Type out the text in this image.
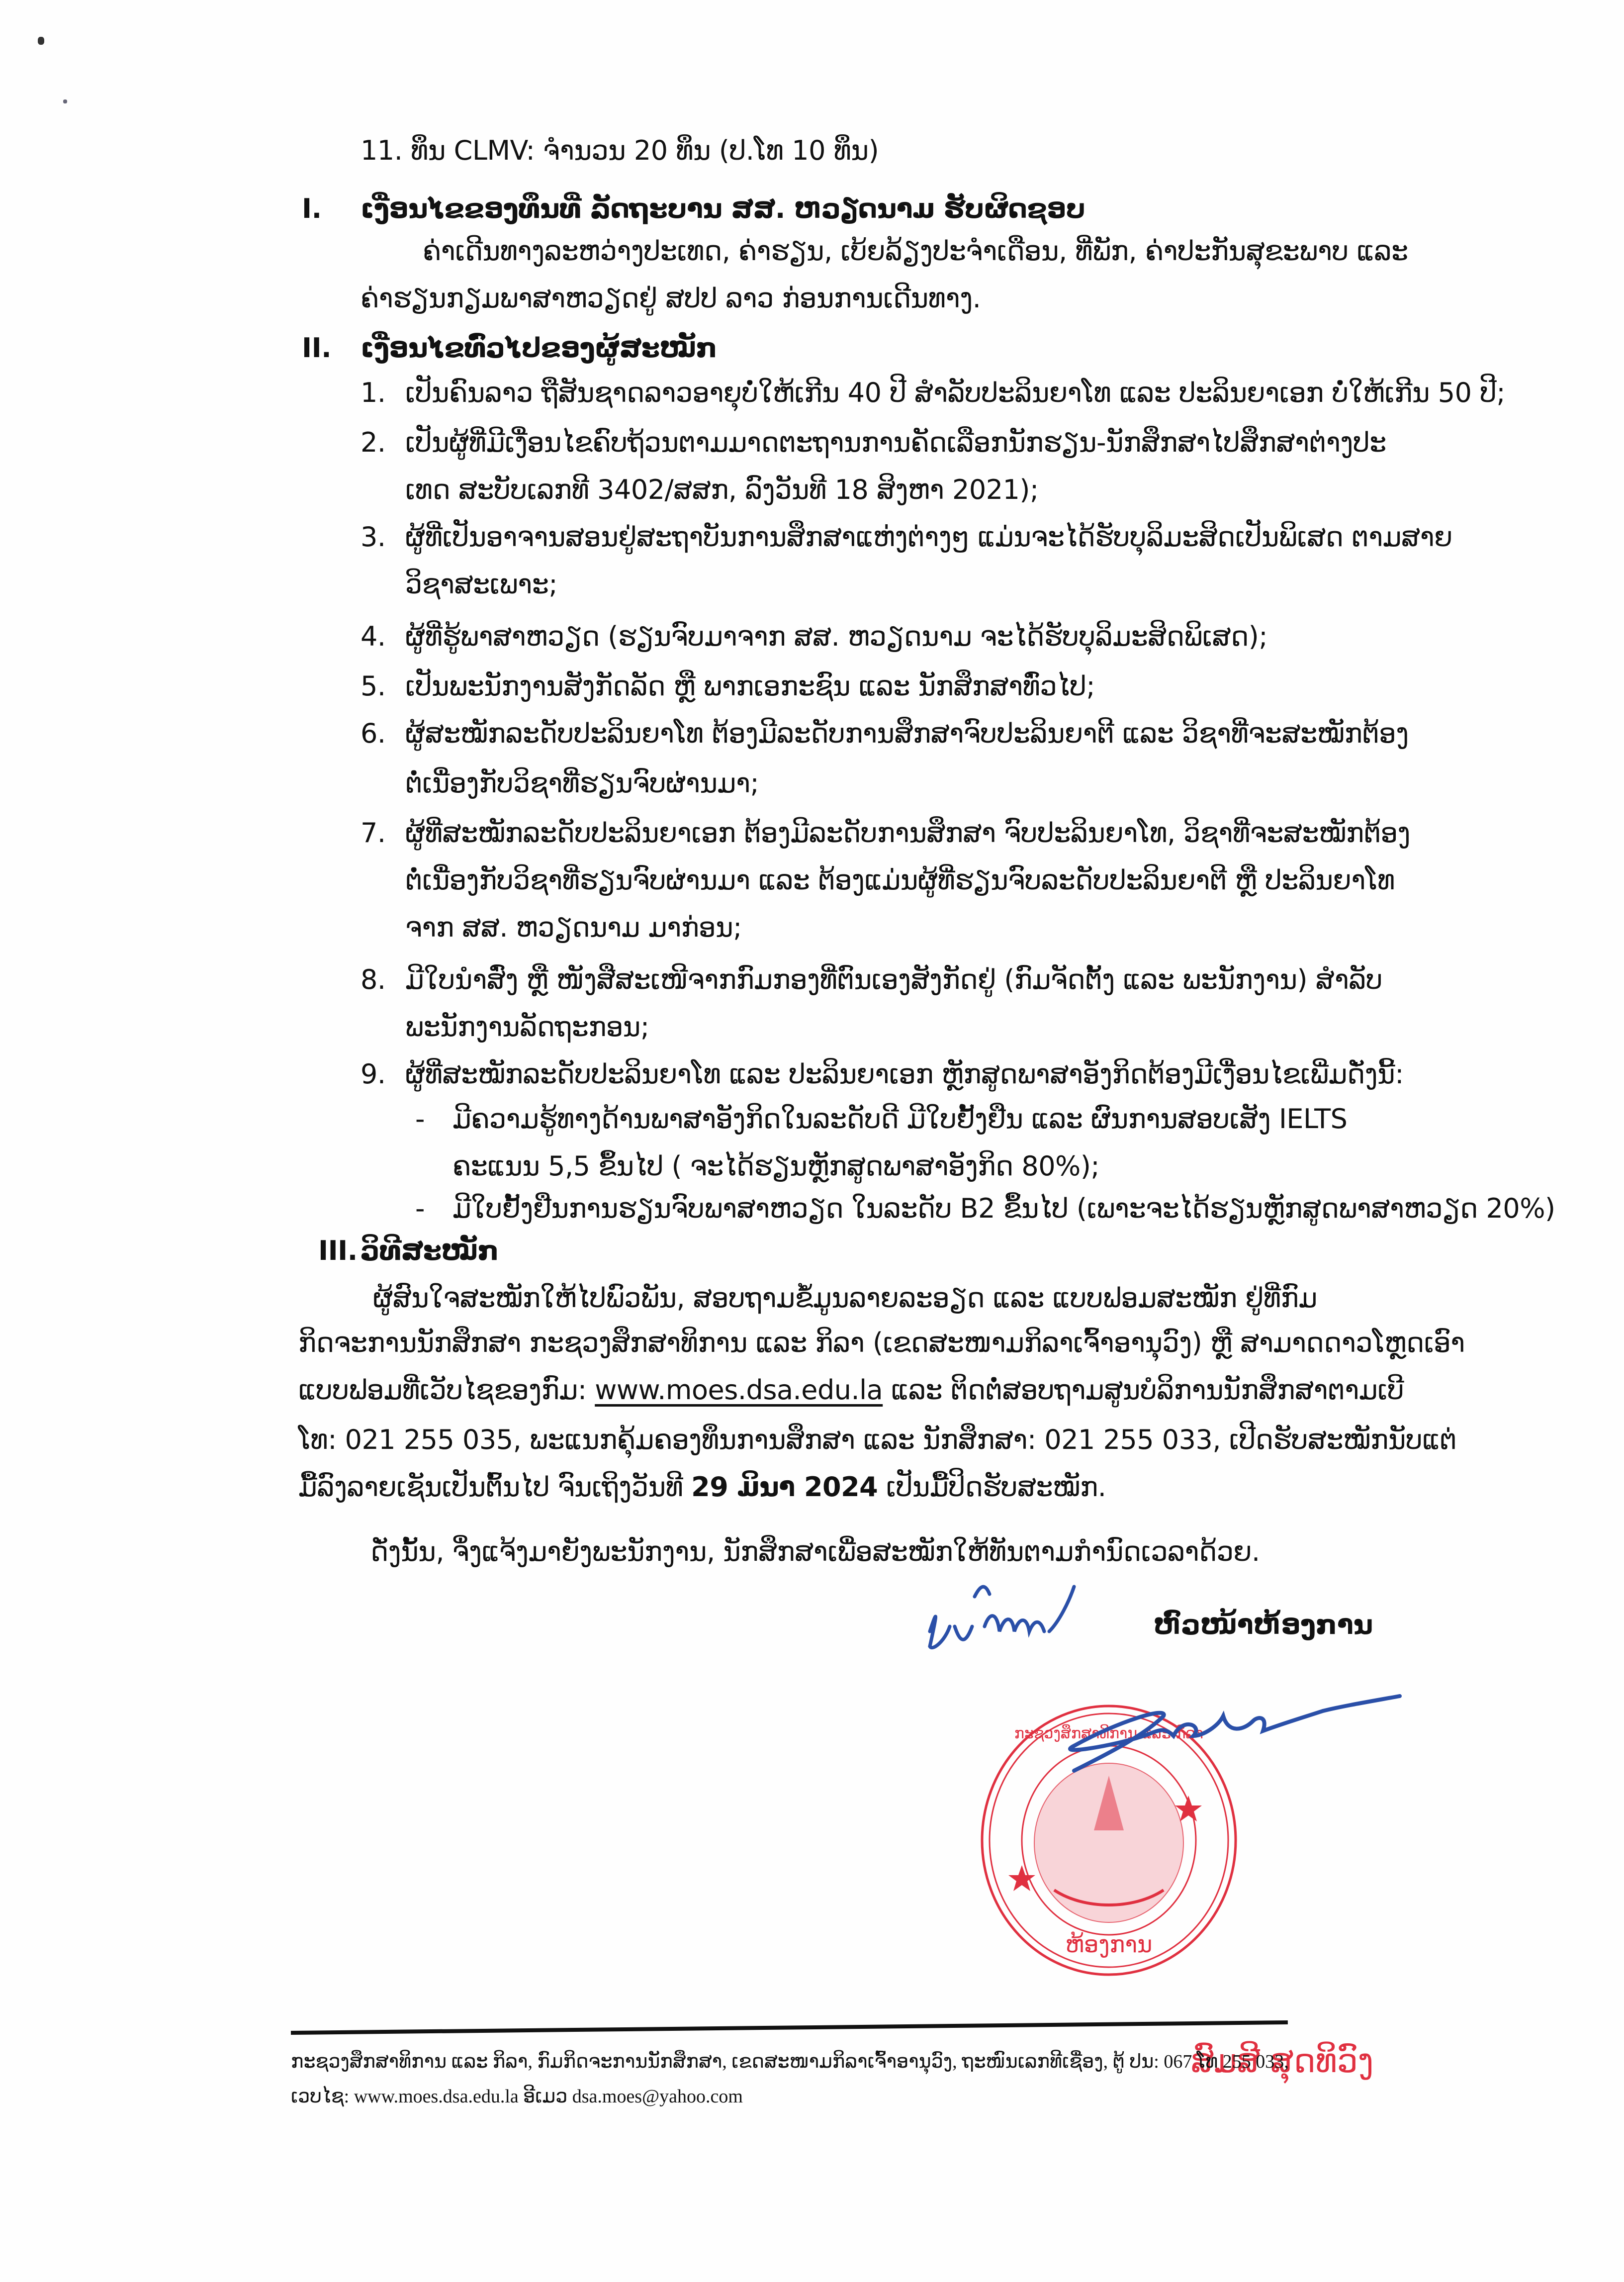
11. ທຶນ CLMV: ຈຳນວນ 20 ທຶນ (ປ.ໂທ 10 ທຶນ)
I. ເງື່ອນໄຂຂອງທຶນທີ່ ລັດຖະບານ ສສ. ຫວຽດນາມ ຮັບຜິດຊອບ
ຄ່າເດີນທາງລະຫວ່າງປະເທດ, ຄ່າຮຽນ, ເບ້ຍລ້ຽງປະຈຳເດືອນ, ທີ່ພັກ, ຄ່າປະກັນສຸຂະພາບ ແລະ
ຄ່າຮຽນກຽມພາສາຫວຽດຢູ່ ສປປ ລາວ ກ່ອນການເດີນທາງ.
II. ເງື່ອນໄຂທົ່ວໄປຂອງຜູ້ສະໝັກ
1. ເປັນຄົນລາວ ຖືສັນຊາດລາວອາຍຸບໍ່ໃຫ້ເກີນ 40 ປີ ສຳລັບປະລິນຍາໂທ ແລະ ປະລິນຍາເອກ ບໍ່ໃຫ້ເກີນ 50 ປີ;
2. ເປັນຜູ້ທີ່ມີເງື່ອນໄຂຄົບຖ້ວນຕາມມາດຕະຖານການຄັດເລືອກນັກຮຽນ-ນັກສຶກສາໄປສຶກສາຕ່າງປະ
ເທດ ສະບັບເລກທີ 3402/ສສກ, ລົງວັນທີ 18 ສິງຫາ 2021);
3. ຜູ້ທີ່ເປັນອາຈານສອນຢູ່ສະຖາບັນການສຶກສາແຫ່ງຕ່າງໆ ແມ່ນຈະໄດ້ຮັບບຸລິມະສິດເປັນພິເສດ ຕາມສາຍ
ວິຊາສະເພາະ;
4. ຜູ້ທີ່ຮູ້ພາສາຫວຽດ (ຮຽນຈົບມາຈາກ ສສ. ຫວຽດນາມ ຈະໄດ້ຮັບບຸລິມະສິດພິເສດ);
5. ເປັນພະນັກງານສັງກັດລັດ ຫຼື ພາກເອກະຊົນ ແລະ ນັກສຶກສາທົ່ວໄປ;
6. ຜູ້ສະໝັກລະດັບປະລິນຍາໂທ ຕ້ອງມີລະດັບການສຶກສາຈົບປະລິນຍາຕີ ແລະ ວິຊາທີ່ຈະສະໝັກຕ້ອງ
ຕໍ່ເນື່ອງກັບວິຊາທີ່ຮຽນຈົບຜ່ານມາ;
7. ຜູ້ທີ່ສະໝັກລະດັບປະລິນຍາເອກ ຕ້ອງມີລະດັບການສຶກສາ ຈົບປະລິນຍາໂທ, ວິຊາທີ່ຈະສະໝັກຕ້ອງ
ຕໍ່ເນື່ອງກັບວິຊາທີ່ຮຽນຈົບຜ່ານມາ ແລະ ຕ້ອງແມ່ນຜູ້ທີ່ຮຽນຈົບລະດັບປະລິນຍາຕີ ຫຼື ປະລິນຍາໂທ
ຈາກ ສສ. ຫວຽດນາມ ມາກ່ອນ;
8. ມີໃບນຳສົ່ງ ຫຼື ໜັງສືສະເໜີຈາກກົມກອງທີ່ຕົນເອງສັງກັດຢູ່ (ກົມຈັດຕັ້ງ ແລະ ພະນັກງານ) ສຳລັບ
ພະນັກງານລັດຖະກອນ;
9. ຜູ້ທີ່ສະໝັກລະດັບປະລິນຍາໂທ ແລະ ປະລິນຍາເອກ ຫຼັກສູດພາສາອັງກິດຕ້ອງມີເງື່ອນໄຂເພີ່ມດັ່ງນີ້:
- ມີຄວາມຮູ້ທາງດ້ານພາສາອັງກິດໃນລະດັບດີ ມີໃບຢັ້ງຢືນ ແລະ ຜົນການສອບເສັງ IELTS
ຄະແນນ 5,5 ຂຶ້ນໄປ ( ຈະໄດ້ຮຽນຫຼັກສູດພາສາອັງກິດ 80%);
- ມີໃບຢັ້ງຢືນການຮຽນຈົບພາສາຫວຽດ ໃນລະດັບ B2 ຂຶ້ນໄປ (ເພາະຈະໄດ້ຮຽນຫຼັກສູດພາສາຫວຽດ 20%)
III. ວິທີສະໝັກ
ຜູ້ສົນໃຈສະໝັກໃຫ້ໄປພົວພັນ, ສອບຖາມຂໍ້ມູນລາຍລະອຽດ ແລະ ແບບຟອມສະໝັກ ຢູ່ທີ່ກົມ
ກິດຈະການນັກສຶກສາ ກະຊວງສຶກສາທິການ ແລະ ກິລາ (ເຂດສະໜາມກິລາເຈົ້າອານຸວົງ) ຫຼື ສາມາດດາວໂຫຼດເອົາ
ແບບຟອມທີ່ເວັບໄຊຂອງກົມ: www.moes.dsa.edu.la ແລະ ຕິດຕໍ່ສອບຖາມສູນບໍລິການນັກສຶກສາຕາມເບີ
ໂທ: 021 255 035, ພະແນກຄຸ້ມຄອງທຶນການສຶກສາ ແລະ ນັກສຶກສາ: 021 255 033, ເປີດຮັບສະໝັກນັບແຕ່
ມື້ລົງລາຍເຊັນເປັນຕົ້ນໄປ ຈົນເຖິງວັນທີ 29 ມິນາ 2024 ເປັນມື້ປິດຮັບສະໝັກ.
ດັ່ງນັ້ນ, ຈຶ່ງແຈ້ງມາຍັງພະນັກງານ, ນັກສຶກສາເພື່ອສະໝັກໃຫ້ທັນຕາມກຳນົດເວລາດ້ວຍ.
ຫົວໜ້າຫ້ອງການ
ຫ້ອງການ
ກະຊວງສຶກສາທິການ ແລະ ກິລາ
ສົມສີ ສຸດທິວົງ
ກະຊວງສຶກສາທິການ ແລະ ກິລາ, ກົມກິດຈະການນັກສຶກສາ, ເຂດສະໜາມກິລາເຈົ້າອານຸວົງ, ຖະໜົນເລກທີເຊື່ອງ, ຕູ້ ປນ: 067 ໂທ 255 033,
ເວບໄຊ: www.moes.dsa.edu.la ອີເມວ dsa.moes@yahoo.com
